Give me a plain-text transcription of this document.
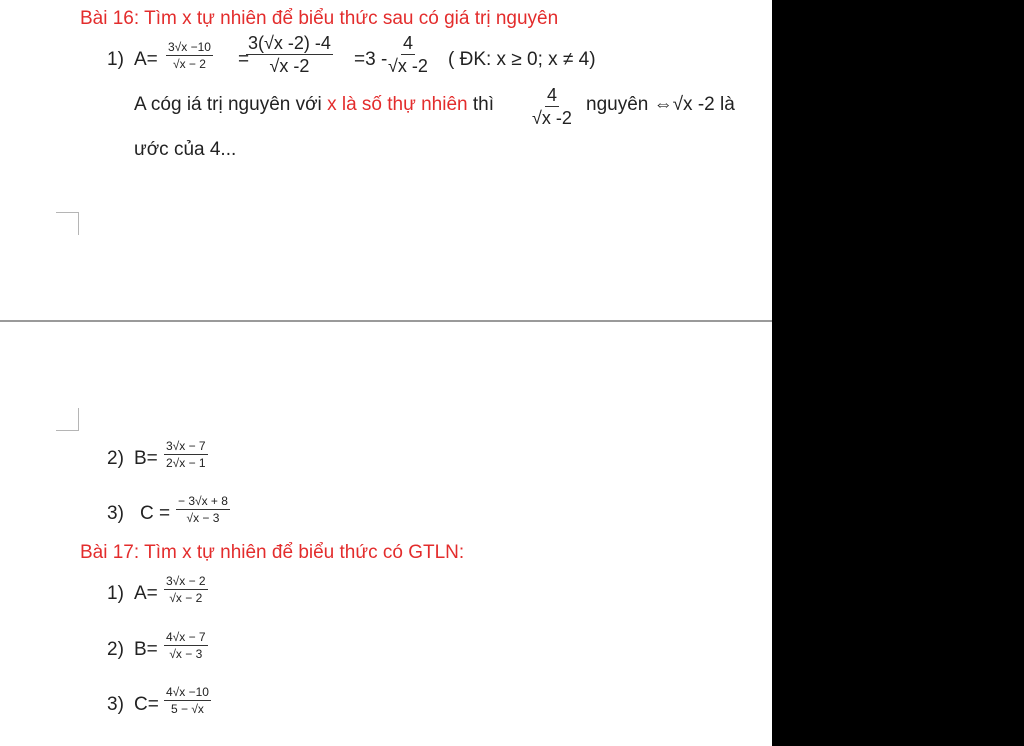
Bài 16: Tìm x tự nhiên để biểu thức sau có giá trị nguyên
1) $A= \frac{3√x -10}{√x - 2}$ =
$\frac{3(√x -2) -4}{√x -2} =3$ -
$\frac{4}{√x -2}$ ( ĐK: x ≥ 0; x ≠ 4)
A cóg iá trị nguyên với x là số thự nhiên thì $\frac{4}{√x -2}$ nguyên ⇔√x -2 là
ước của 4...
2) $B= \frac{3√x - 7}{2√x - 1}$
3) $C = \frac{- 3√x + 8}{√x - 3}$
Bài 17: Tìm x tự nhiên để biểu thức có GTLN:
1) $A= \frac{3√x - 2}{√x - 2}$
2) $B= \frac{4√x - 7}{√x - 3}$
3) $C= \frac{4√x -10}{5 - √x}$
